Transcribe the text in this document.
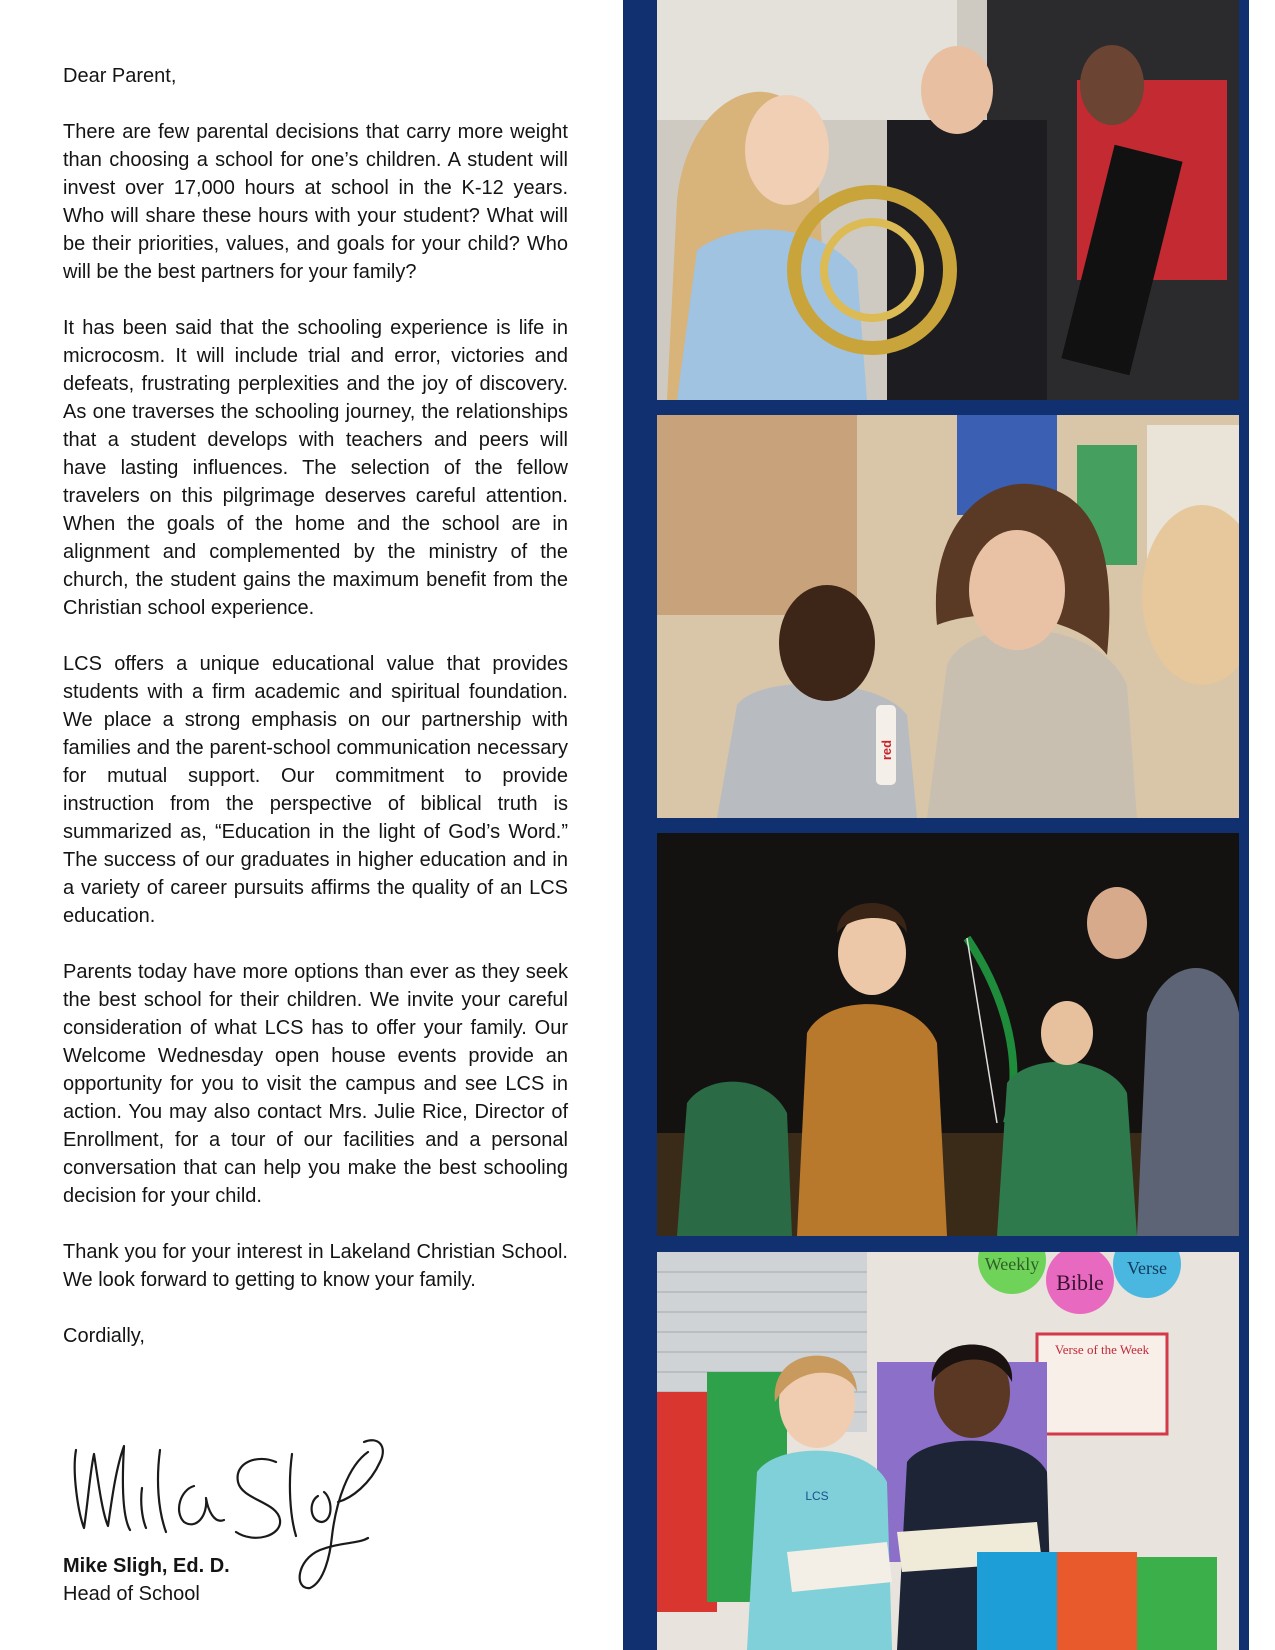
Dear Parent,

There are few parental decisions that carry more weight than choosing a school for one’s children. A student will invest over 17,000 hours at school in the K-12 years. Who will share these hours with your student? What will be their priorities, values, and goals for your child? Who will be the best partners for your family?

It has been said that the schooling experience is life in microcosm. It will include trial and error, victories and defeats, frustrating perplexities and the joy of discovery. As one traverses the schooling journey, the relationships that a student develops with teachers and peers will have lasting influences. The selection of the fellow travelers on this pilgrimage deserves careful attention. When the goals of the home and the school are in alignment and complemented by the ministry of the church, the student gains the maximum benefit from the Christian school experience.

LCS offers a unique educational value that provides students with a firm academic and spiritual foundation. We place a strong emphasis on our partnership with families and the parent-school communication necessary for mutual support. Our commitment to provide instruction from the perspective of biblical truth is summarized as, “Education in the light of God’s Word.” The success of our graduates in higher education and in a variety of career pursuits affirms the quality of an LCS education.

Parents today have more options than ever as they seek the best school for their children. We invite your careful consideration of what LCS has to offer your family. Our Welcome Wednesday open house events provide an opportunity for you to visit the campus and see LCS in action. You may also contact Mrs. Julie Rice, Director of Enrollment, for a tour of our facilities and a personal conversation that can help you make the best schooling decision for your child.

Thank you for your interest in Lakeland Christian School. We look forward to getting to know your family.

Cordially,

Mike Sligh, Ed. D.
Head of School
red
Weekly
Bible
Verse
Verse of the Week
LCS
